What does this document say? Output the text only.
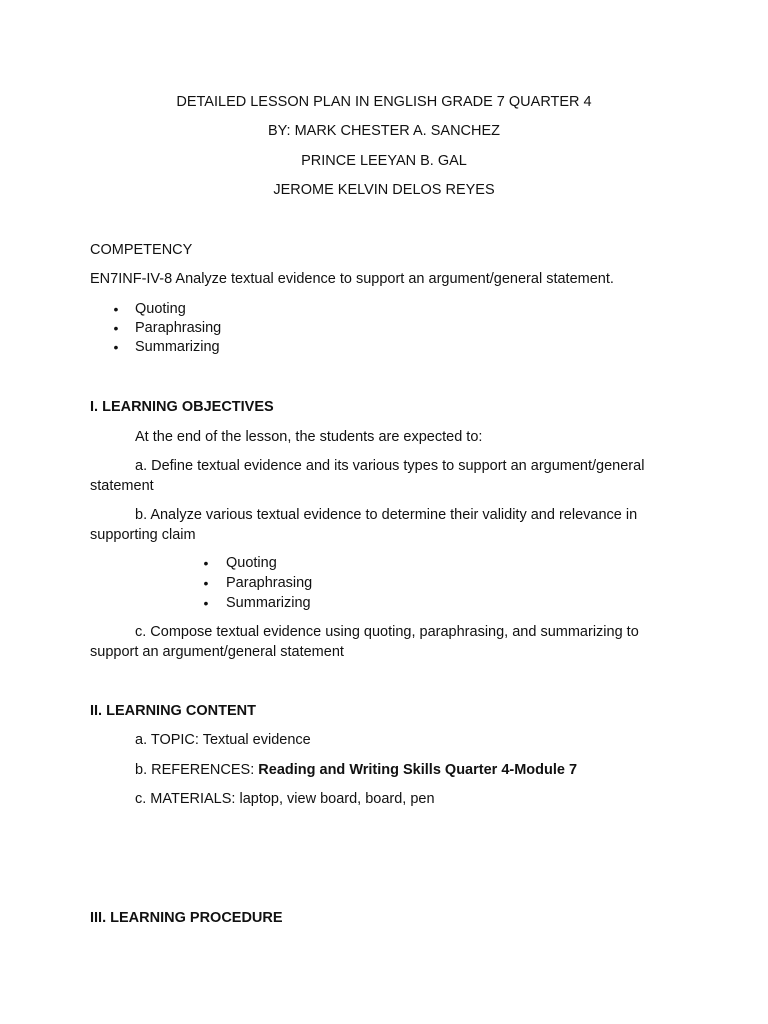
DETAILED LESSON PLAN IN ENGLISH GRADE 7 QUARTER 4
BY: MARK CHESTER A. SANCHEZ
PRINCE LEEYAN B. GAL
JEROME KELVIN DELOS REYES
COMPETENCY
EN7INF-IV-8 Analyze textual evidence to support an argument/general statement.
• Quoting
• Paraphrasing
• Summarizing
I. LEARNING OBJECTIVES
At the end of the lesson, the students are expected to:
a. Define textual evidence and its various types to support an argument/general
statement
b. Analyze various textual evidence to determine their validity and relevance in
supporting claim
• Quoting
• Paraphrasing
• Summarizing
c. Compose textual evidence using quoting, paraphrasing, and summarizing to
support an argument/general statement
II. LEARNING CONTENT
a. TOPIC: Textual evidence
b. REFERENCES: Reading and Writing Skills Quarter 4-Module 7
c. MATERIALS: laptop, view board, board, pen
III. LEARNING PROCEDURE
